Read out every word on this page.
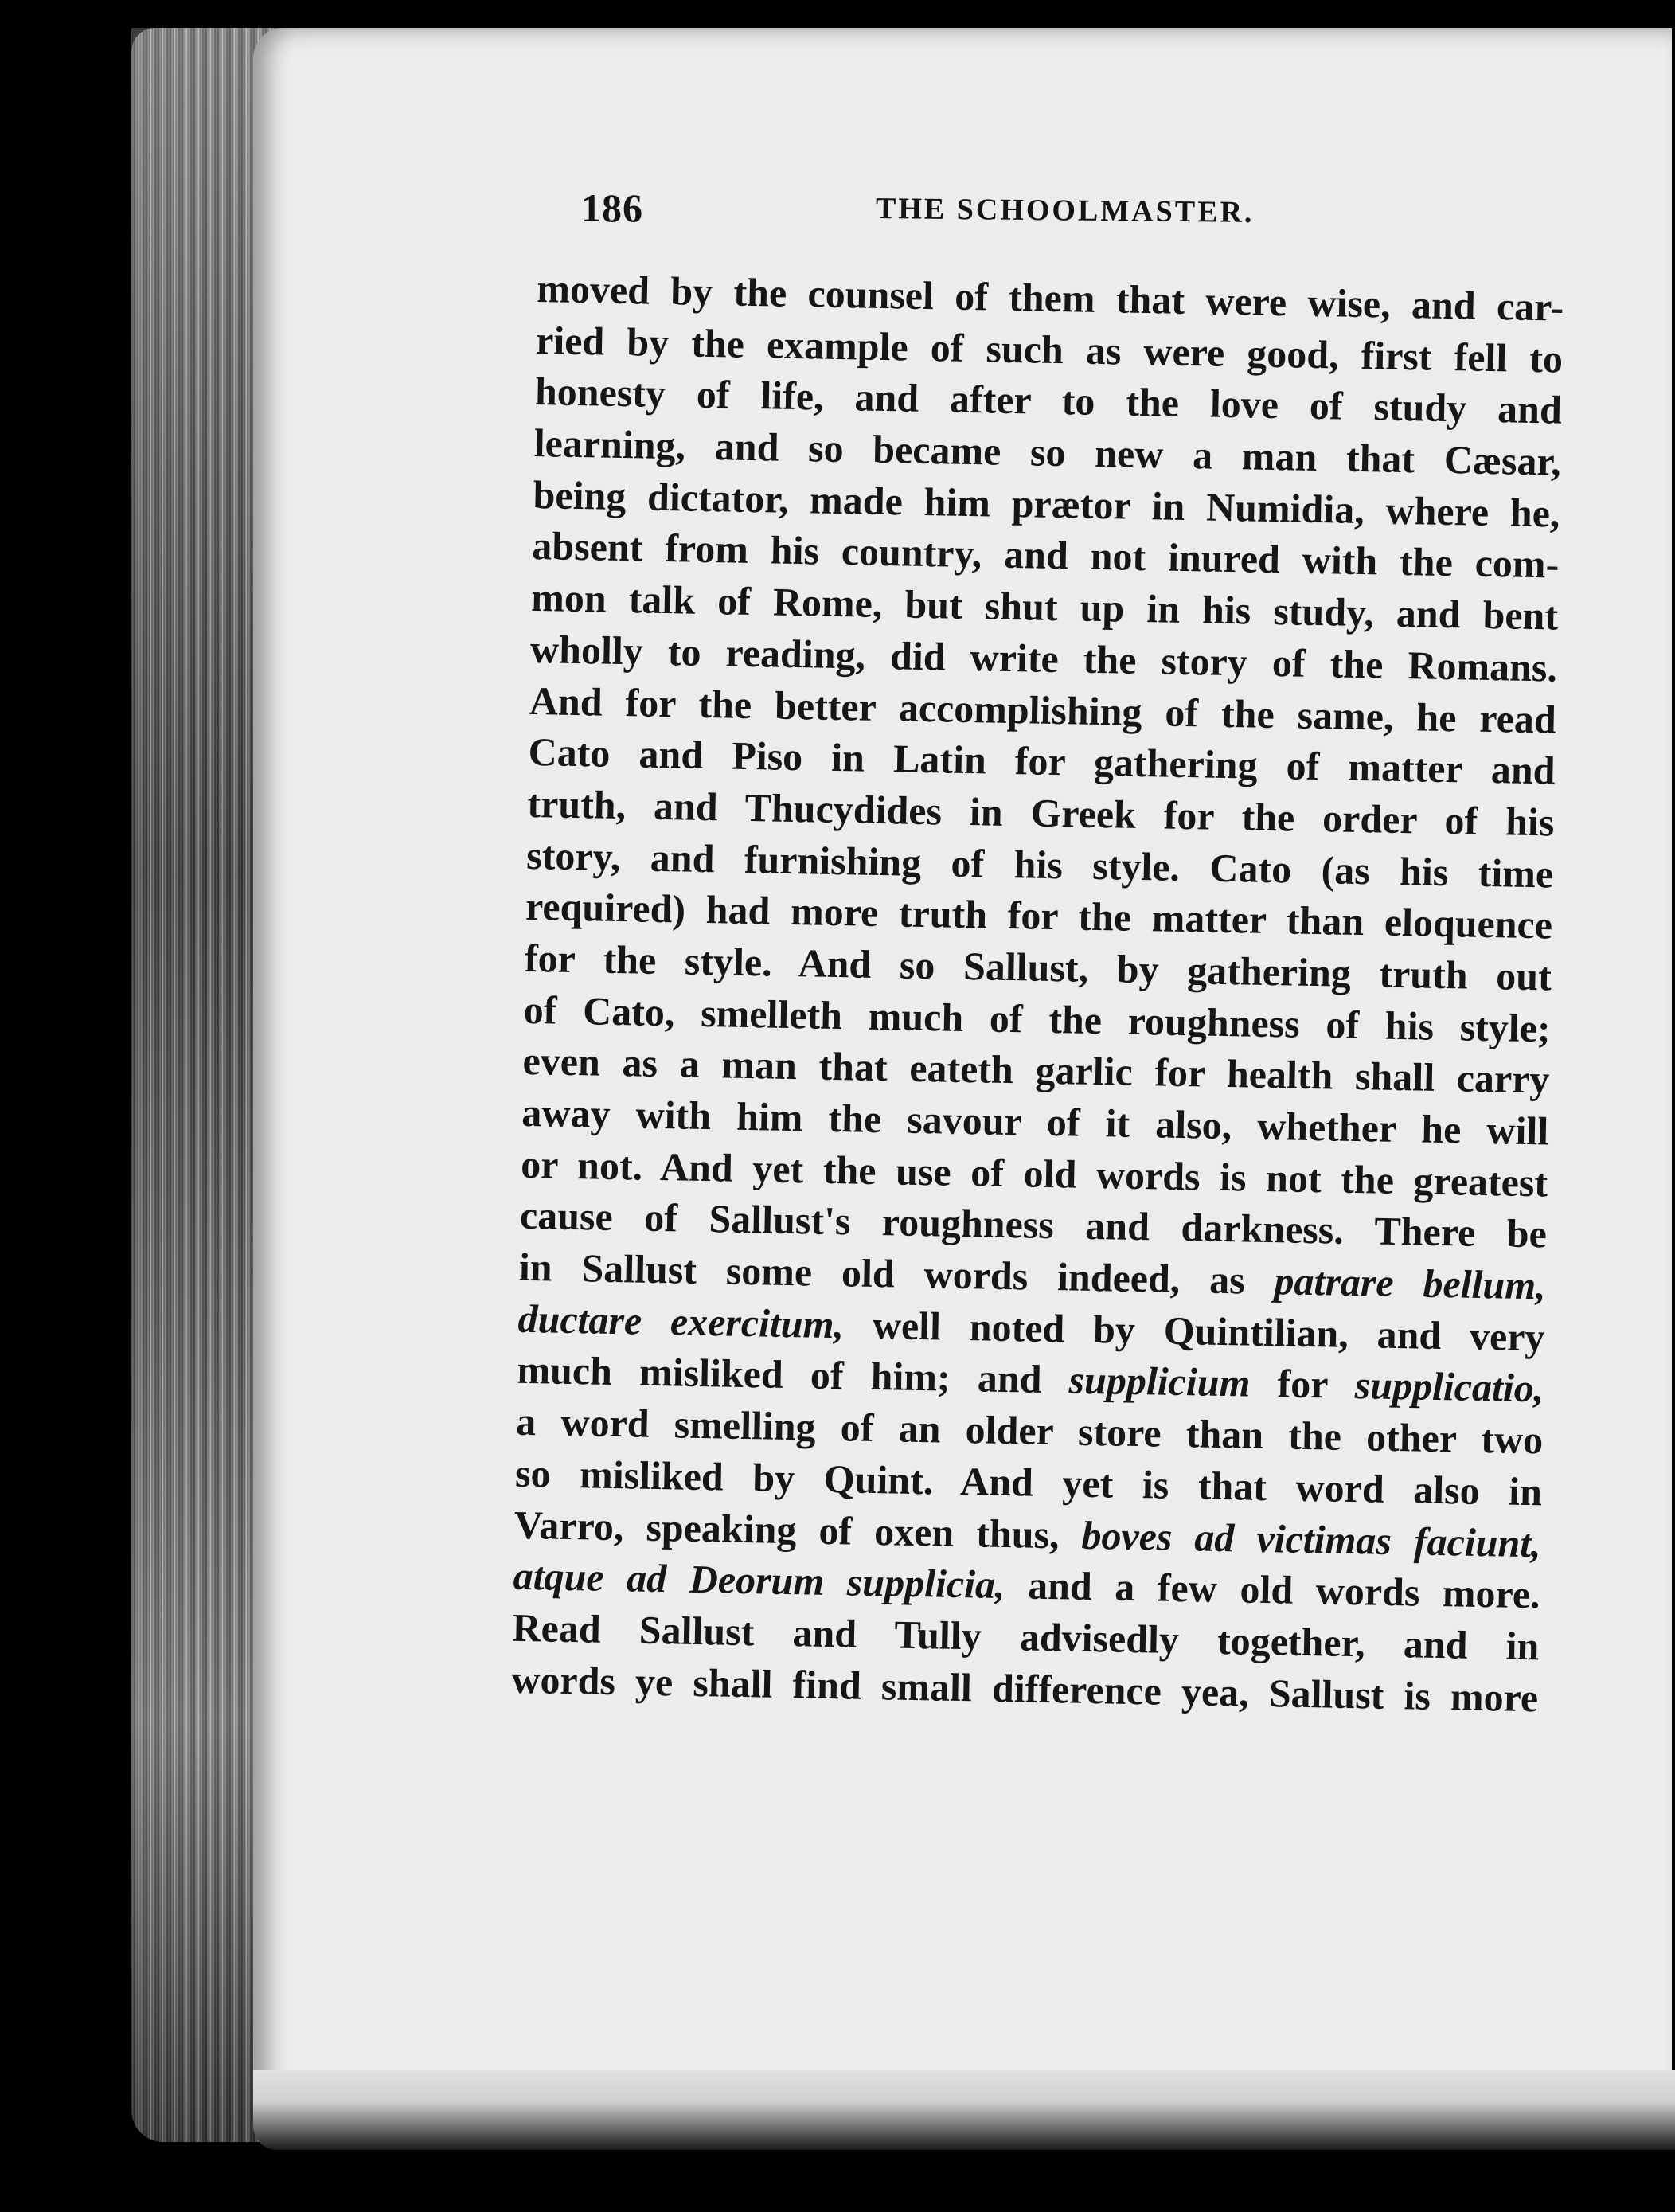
186	THE SCHOOLMASTER.
moved by the counsel of them that were wise, and car-
ried by the example of such as were good, first fell to
honesty of life, and after to the love of study and
learning, and so became so new a man that Cæsar,
being dictator, made him prætor in Numidia, where he,
absent from his country, and not inured with the com-
mon talk of Rome, but shut up in his study, and bent
wholly to reading, did write the story of the Romans.
And for the better accomplishing of the same, he read
Cato and Piso in Latin for gathering of matter and
truth, and Thucydides in Greek for the order of his
story, and furnishing of his style. Cato (as his time
required) had more truth for the matter than eloquence
for the style. And so Sallust, by gathering truth out
of Cato, smelleth much of the roughness of his style;
even as a man that eateth garlic for health shall carry
away with him the savour of it also, whether he will
or not. And yet the use of old words is not the greatest
cause of Sallust's roughness and darkness. There be
in Sallust some old words indeed, as patrare bellum,
ductare exercitum, well noted by Quintilian, and very
much misliked of him; and supplicium for supplicatio,
a word smelling of an older store than the other two
so misliked by Quint. And yet is that word also in
Varro, speaking of oxen thus, boves ad victimas faciunt,
atque ad Deorum supplicia, and a few old words more.
Read Sallust and Tully advisedly together, and in
words ye shall find small difference yea, Sallust is more
